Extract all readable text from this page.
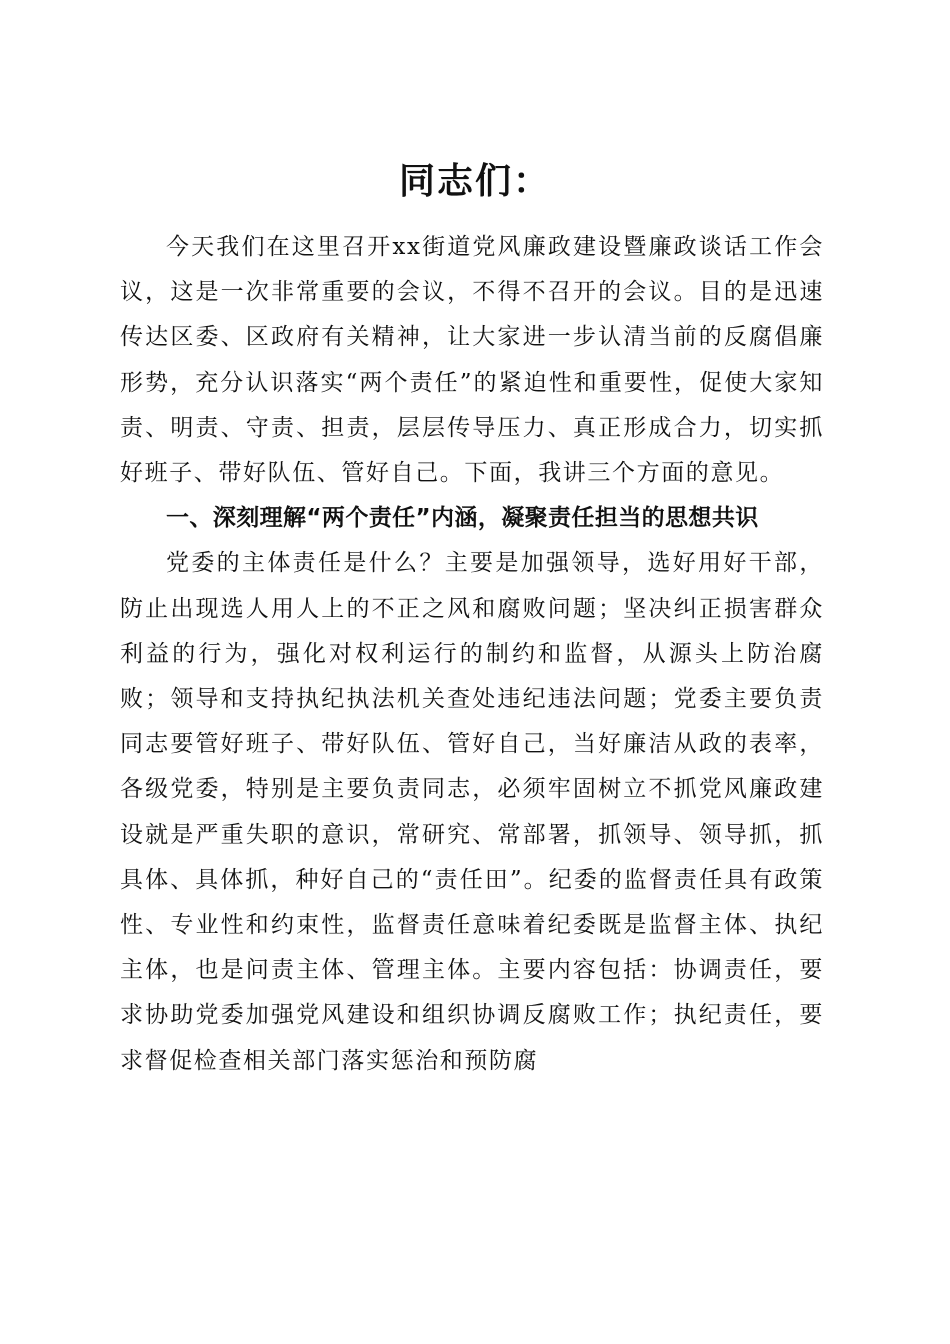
同志们：

今天我们在这里召开xx街道党风廉政建设暨廉政谈话工作会议，这是一次非常重要的会议，不得不召开的会议。目的是迅速传达区委、区政府有关精神，让大家进一步认清当前的反腐倡廉形势，充分认识落实“两个责任”的紧迫性和重要性，促使大家知责、明责、守责、担责，层层传导压力、真正形成合力，切实抓好班子、带好队伍、管好自己。下面，我讲三个方面的意见。

一、深刻理解“两个责任”内涵，凝聚责任担当的思想共识

党委的主体责任是什么？主要是加强领导，选好用好干部，防止出现选人用人上的不正之风和腐败问题；坚决纠正损害群众利益的行为，强化对权利运行的制约和监督，从源头上防治腐败；领导和支持执纪执法机关查处违纪违法问题；党委主要负责同志要管好班子、带好队伍、管好自己，当好廉洁从政的表率，各级党委，特别是主要负责同志，必须牢固树立不抓党风廉政建设就是严重失职的意识，常研究、常部署，抓领导、领导抓，抓具体、具体抓，种好自己的“责任田”。纪委的监督责任具有政策性、专业性和约束性，监督责任意味着纪委既是监督主体、执纪主体，也是问责主体、管理主体。主要内容包括：协调责任，要求协助党委加强党风建设和组织协调反腐败工作；执纪责任，要求督促检查相关部门落实惩治和预防腐
